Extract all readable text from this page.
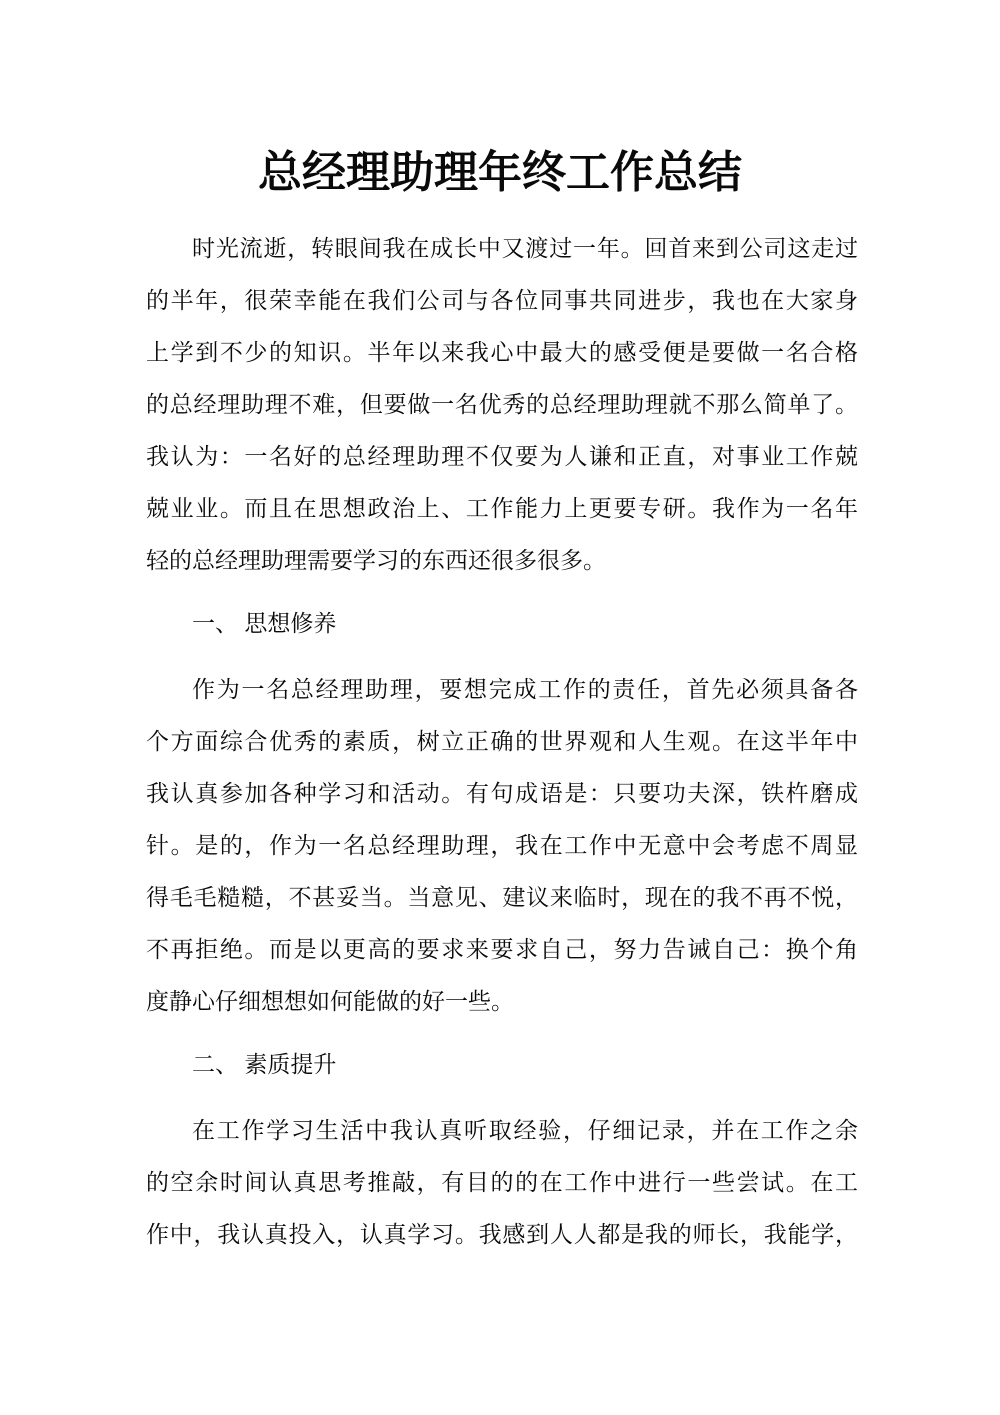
总经理助理年终工作总结
时光流逝，转眼间我在成长中又渡过一年。回首来到公司这走过
的半年，很荣幸能在我们公司与各位同事共同进步，我也在大家身
上学到不少的知识。半年以来我心中最大的感受便是要做一名合格
的总经理助理不难，但要做一名优秀的总经理助理就不那么简单了。
我认为：一名好的总经理助理不仅要为人谦和正直，对事业工作兢
兢业业。而且在思想政治上、工作能力上更要专研。我作为一名年
轻的总经理助理需要学习的东西还很多很多。
一、 思想修养
作为一名总经理助理，要想完成工作的责任，首先必须具备各
个方面综合优秀的素质，树立正确的世界观和人生观。在这半年中
我认真参加各种学习和活动。有句成语是：只要功夫深，铁杵磨成
针。是的，作为一名总经理助理，我在工作中无意中会考虑不周显
得毛毛糙糙，不甚妥当。当意见、建议来临时，现在的我不再不悦，
不再拒绝。而是以更高的要求来要求自己，努力告诫自己：换个角
度静心仔细想想如何能做的好一些。
二、 素质提升
在工作学习生活中我认真听取经验，仔细记录，并在工作之余
的空余时间认真思考推敲，有目的的在工作中进行一些尝试。在工
作中，我认真投入，认真学习。我感到人人都是我的师长，我能学，
